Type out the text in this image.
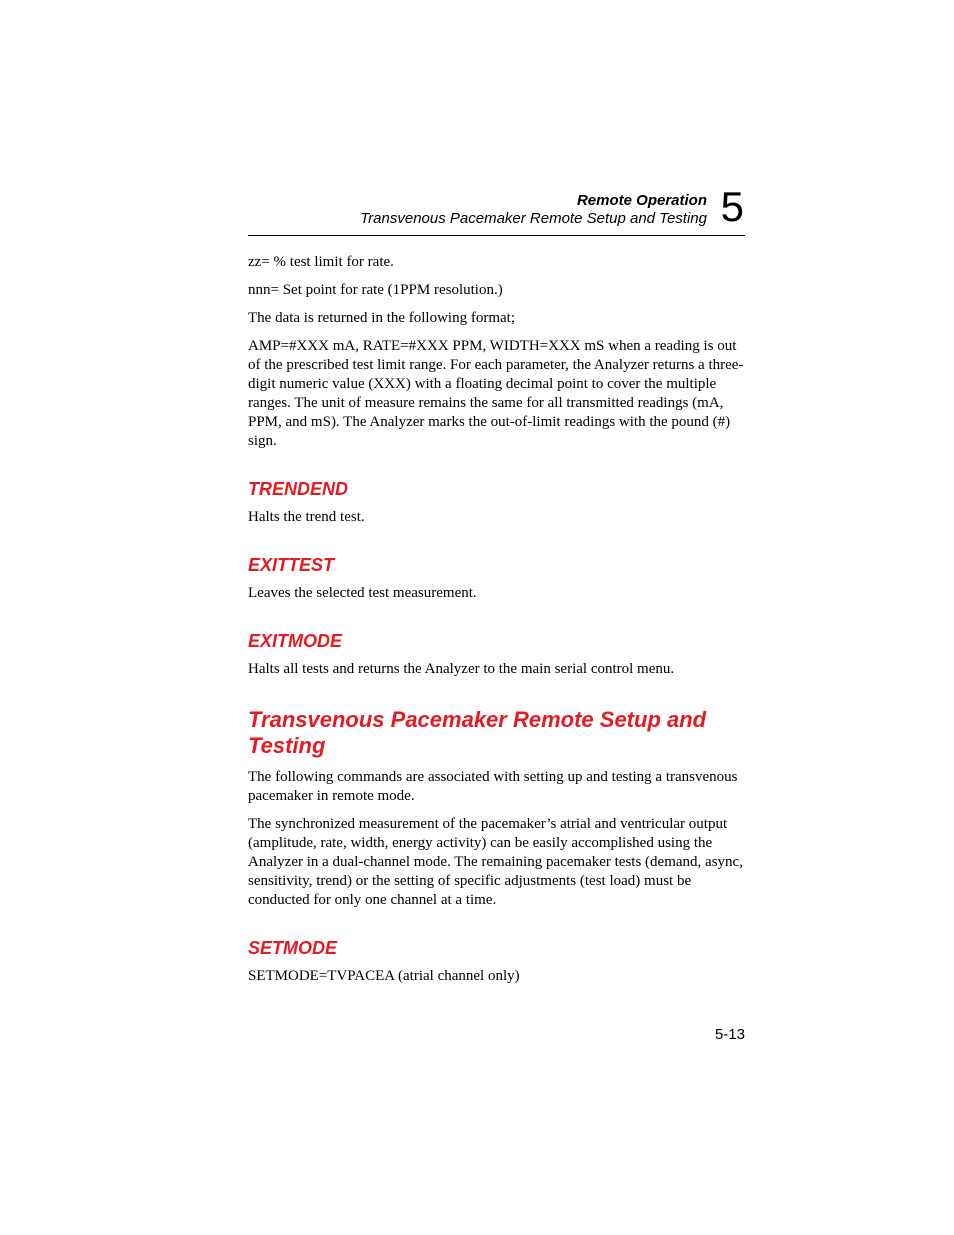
Remote Operation
Transvenous Pacemaker Remote Setup and Testing 5

zz= % test limit for rate.

nnn= Set point for rate (1PPM resolution.)

The data is returned in the following format;

AMP=#XXX mA, RATE=#XXX PPM, WIDTH=XXX mS when a reading is out of the prescribed test limit range. For each parameter, the Analyzer returns a three-digit numeric value (XXX) with a floating decimal point to cover the multiple ranges. The unit of measure remains the same for all transmitted readings (mA, PPM, and mS). The Analyzer marks the out-of-limit readings with the pound (#) sign.

TRENDEND

Halts the trend test.

EXITTEST

Leaves the selected test measurement.

EXITMODE

Halts all tests and returns the Analyzer to the main serial control menu.

Transvenous Pacemaker Remote Setup and Testing

The following commands are associated with setting up and testing a transvenous pacemaker in remote mode.

The synchronized measurement of the pacemaker’s atrial and ventricular output (amplitude, rate, width, energy activity) can be easily accomplished using the Analyzer in a dual-channel mode. The remaining pacemaker tests (demand, async, sensitivity, trend) or the setting of specific adjustments (test load) must be conducted for only one channel at a time.

SETMODE

SETMODE=TVPACEA (atrial channel only)

5-13
